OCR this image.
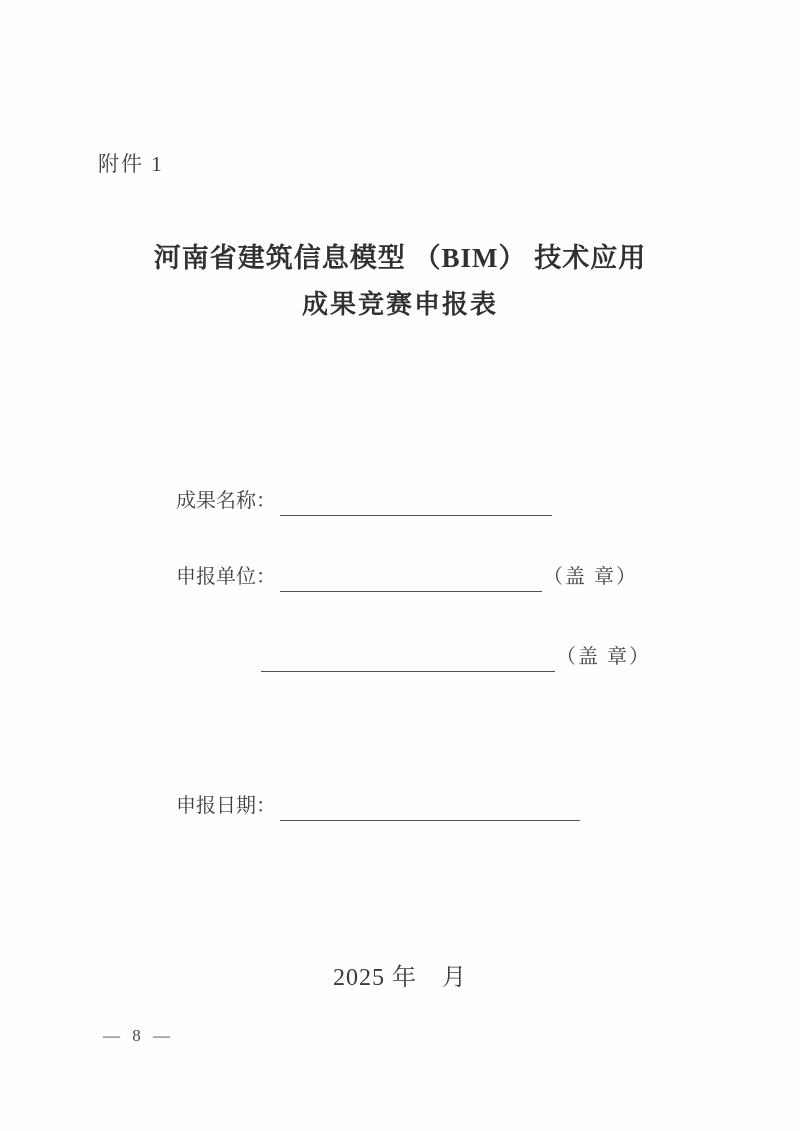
附件 1
河南省建筑信息模型 （BIM） 技术应用
成果竞赛申报表
成果名称：
申报单位：	（盖 章）
（盖 章）
申报日期：
2025 年　月
— 8 —
